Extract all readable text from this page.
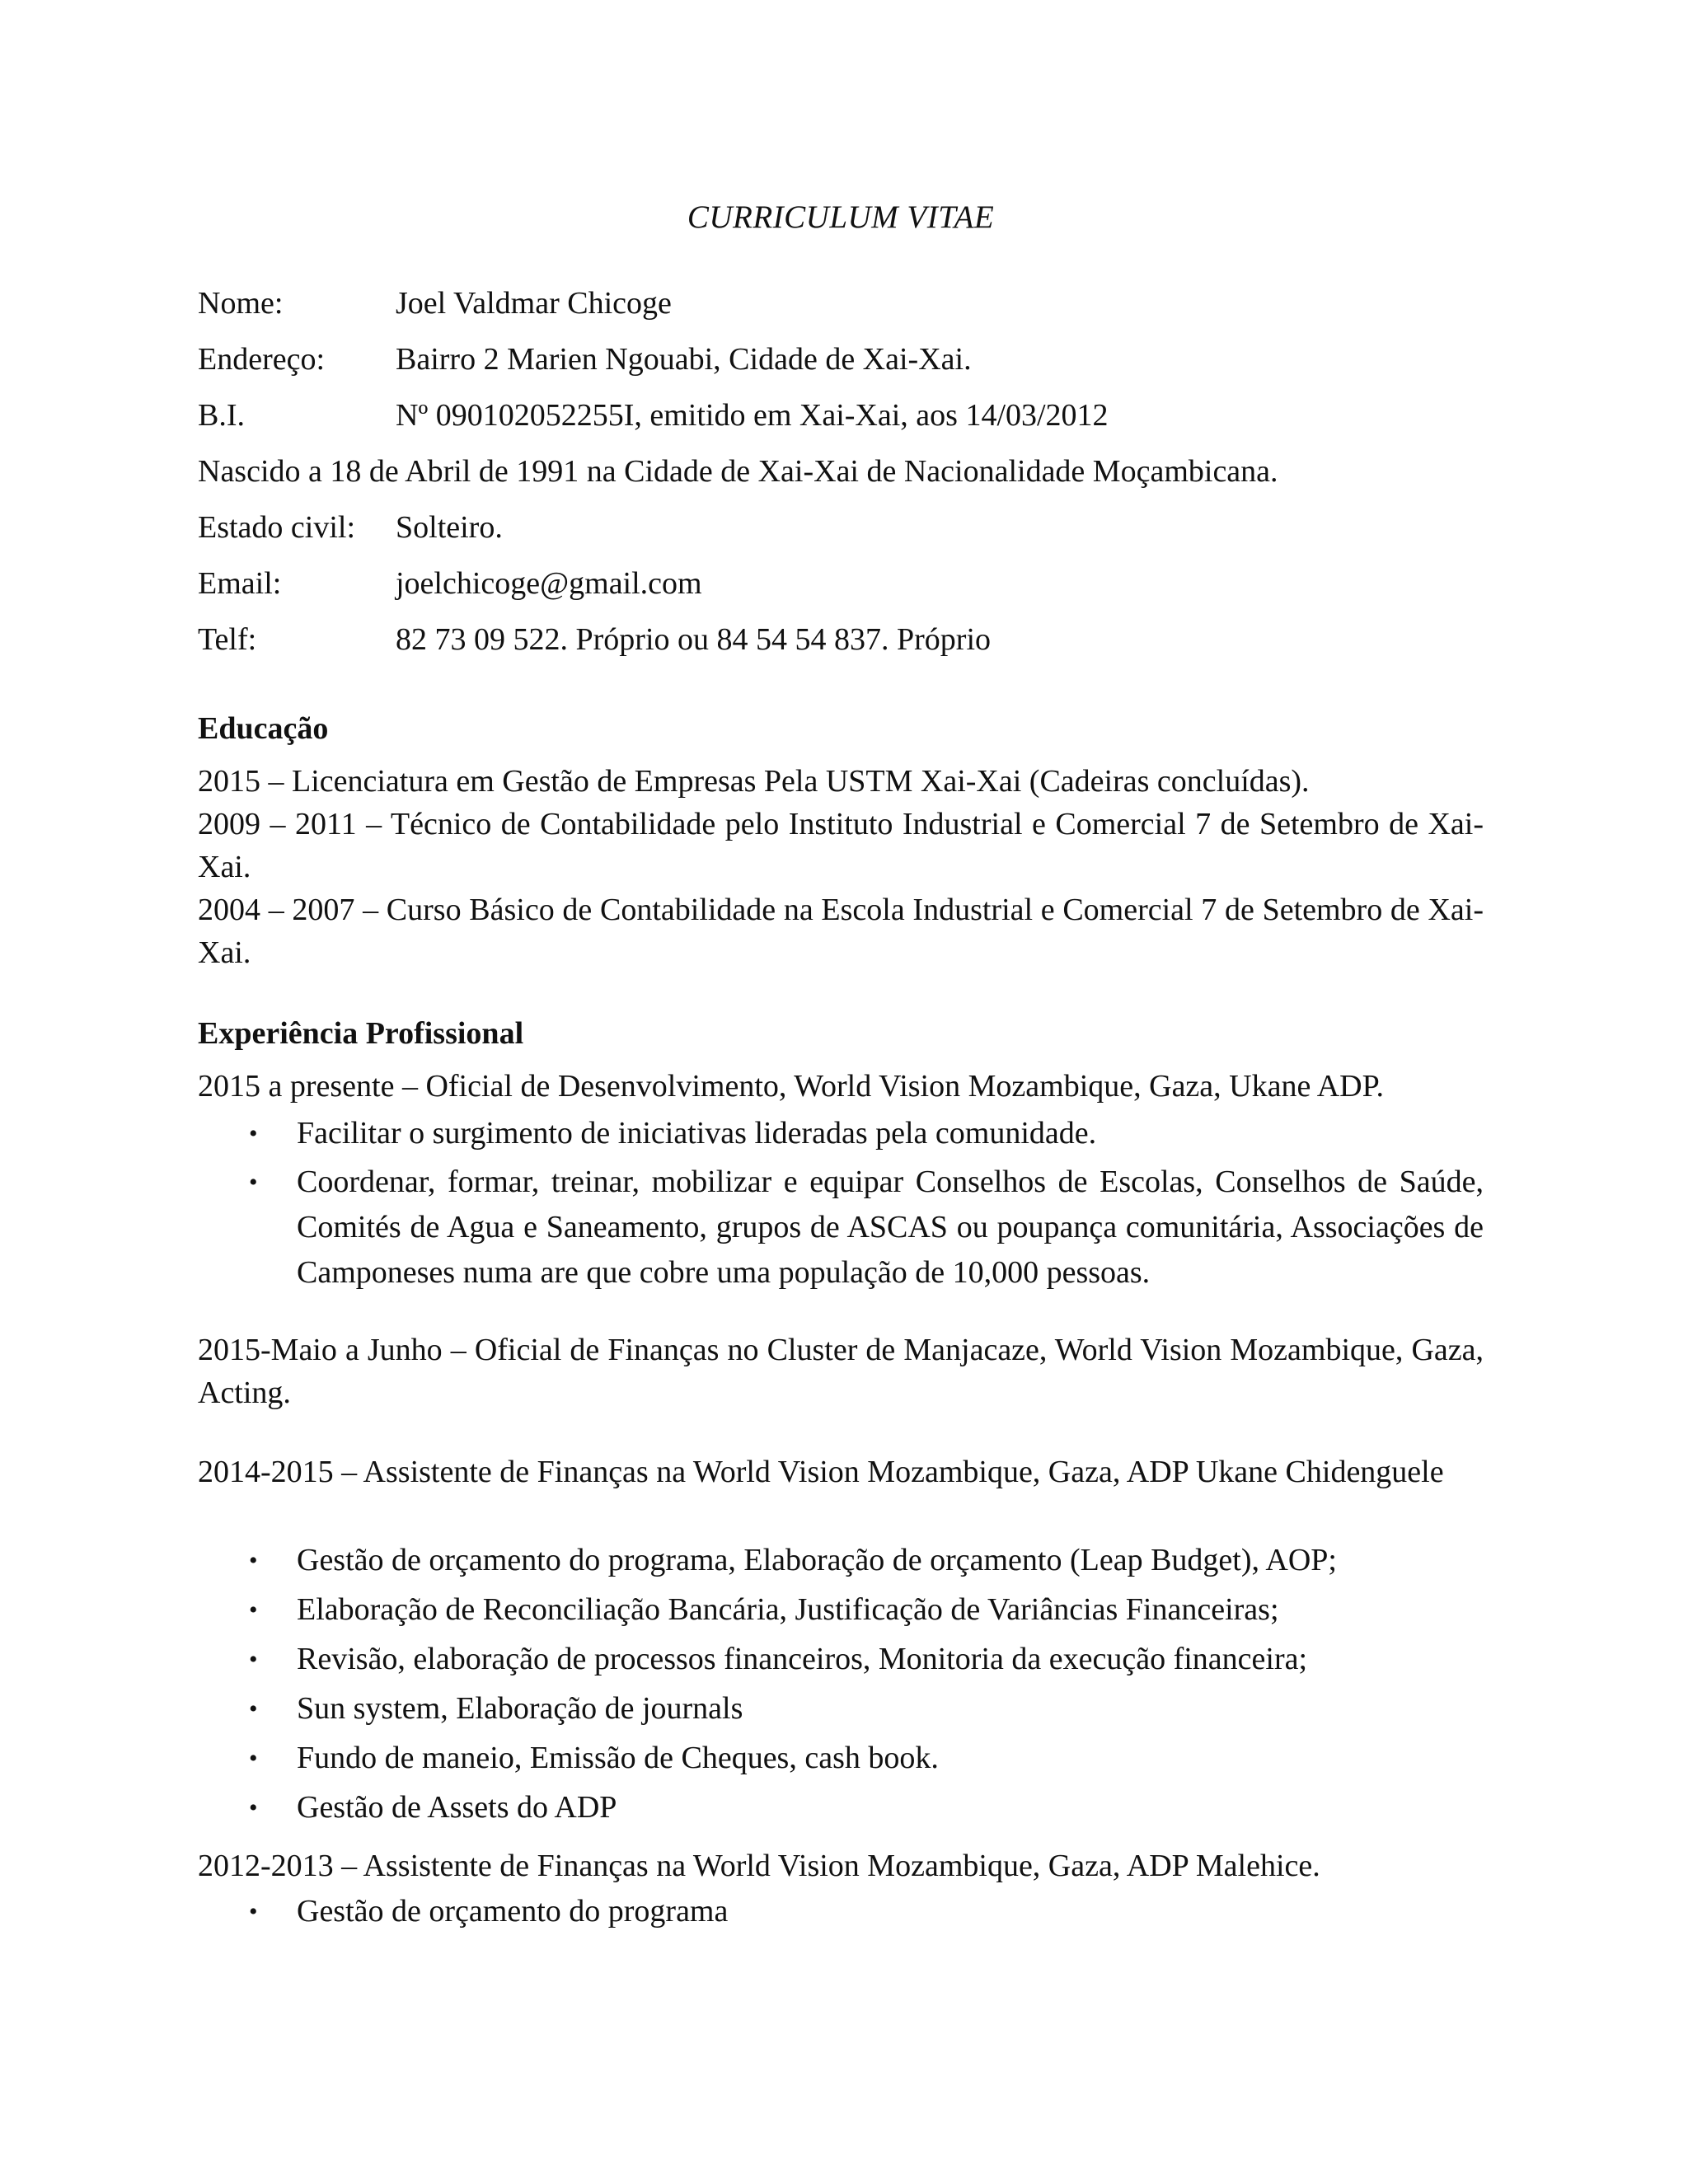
CURRICULUM VITAE
Nome:	Joel Valdmar Chicoge
Endereço: Bairro 2 Marien Ngouabi, Cidade de Xai-Xai.
B.I.	Nº 090102052255I, emitido em Xai-Xai, aos 14/03/2012
Nascido a 18 de Abril de 1991 na Cidade de Xai-Xai de Nacionalidade Moçambicana.
Estado civil: Solteiro.
Email:	joelchicoge@gmail.com
Telf:	82 73 09 522. Próprio ou 84 54 54 837. Próprio
Educação
2015 – Licenciatura em Gestão de Empresas Pela USTM Xai-Xai (Cadeiras concluídas).
2009 – 2011 – Técnico de Contabilidade pelo Instituto Industrial e Comercial 7 de Setembro de Xai-Xai.
2004 – 2007 – Curso Básico de Contabilidade na Escola Industrial e Comercial 7 de Setembro de Xai-Xai.
Experiência Profissional
2015 a presente – Oficial de Desenvolvimento, World Vision Mozambique, Gaza, Ukane ADP.
• Facilitar o surgimento de iniciativas lideradas pela comunidade.
• Coordenar, formar, treinar, mobilizar e equipar Conselhos de Escolas, Conselhos de Saúde, Comités de Agua e Saneamento, grupos de ASCAS ou poupança comunitária, Associações de Camponeses numa are que cobre uma população de 10,000 pessoas.
2015-Maio a Junho – Oficial de Finanças no Cluster de Manjacaze, World Vision Mozambique, Gaza, Acting.
2014-2015 – Assistente de Finanças na World Vision Mozambique, Gaza, ADP Ukane Chidenguele
• Gestão de orçamento do programa, Elaboração de orçamento (Leap Budget), AOP;
• Elaboração de Reconciliação Bancária, Justificação de Variâncias Financeiras;
• Revisão, elaboração de processos financeiros, Monitoria da execução financeira;
• Sun system, Elaboração de journals
• Fundo de maneio, Emissão de Cheques, cash book.
• Gestão de Assets do ADP
2012-2013 – Assistente de Finanças na World Vision Mozambique, Gaza, ADP Malehice.
• Gestão de orçamento do programa
